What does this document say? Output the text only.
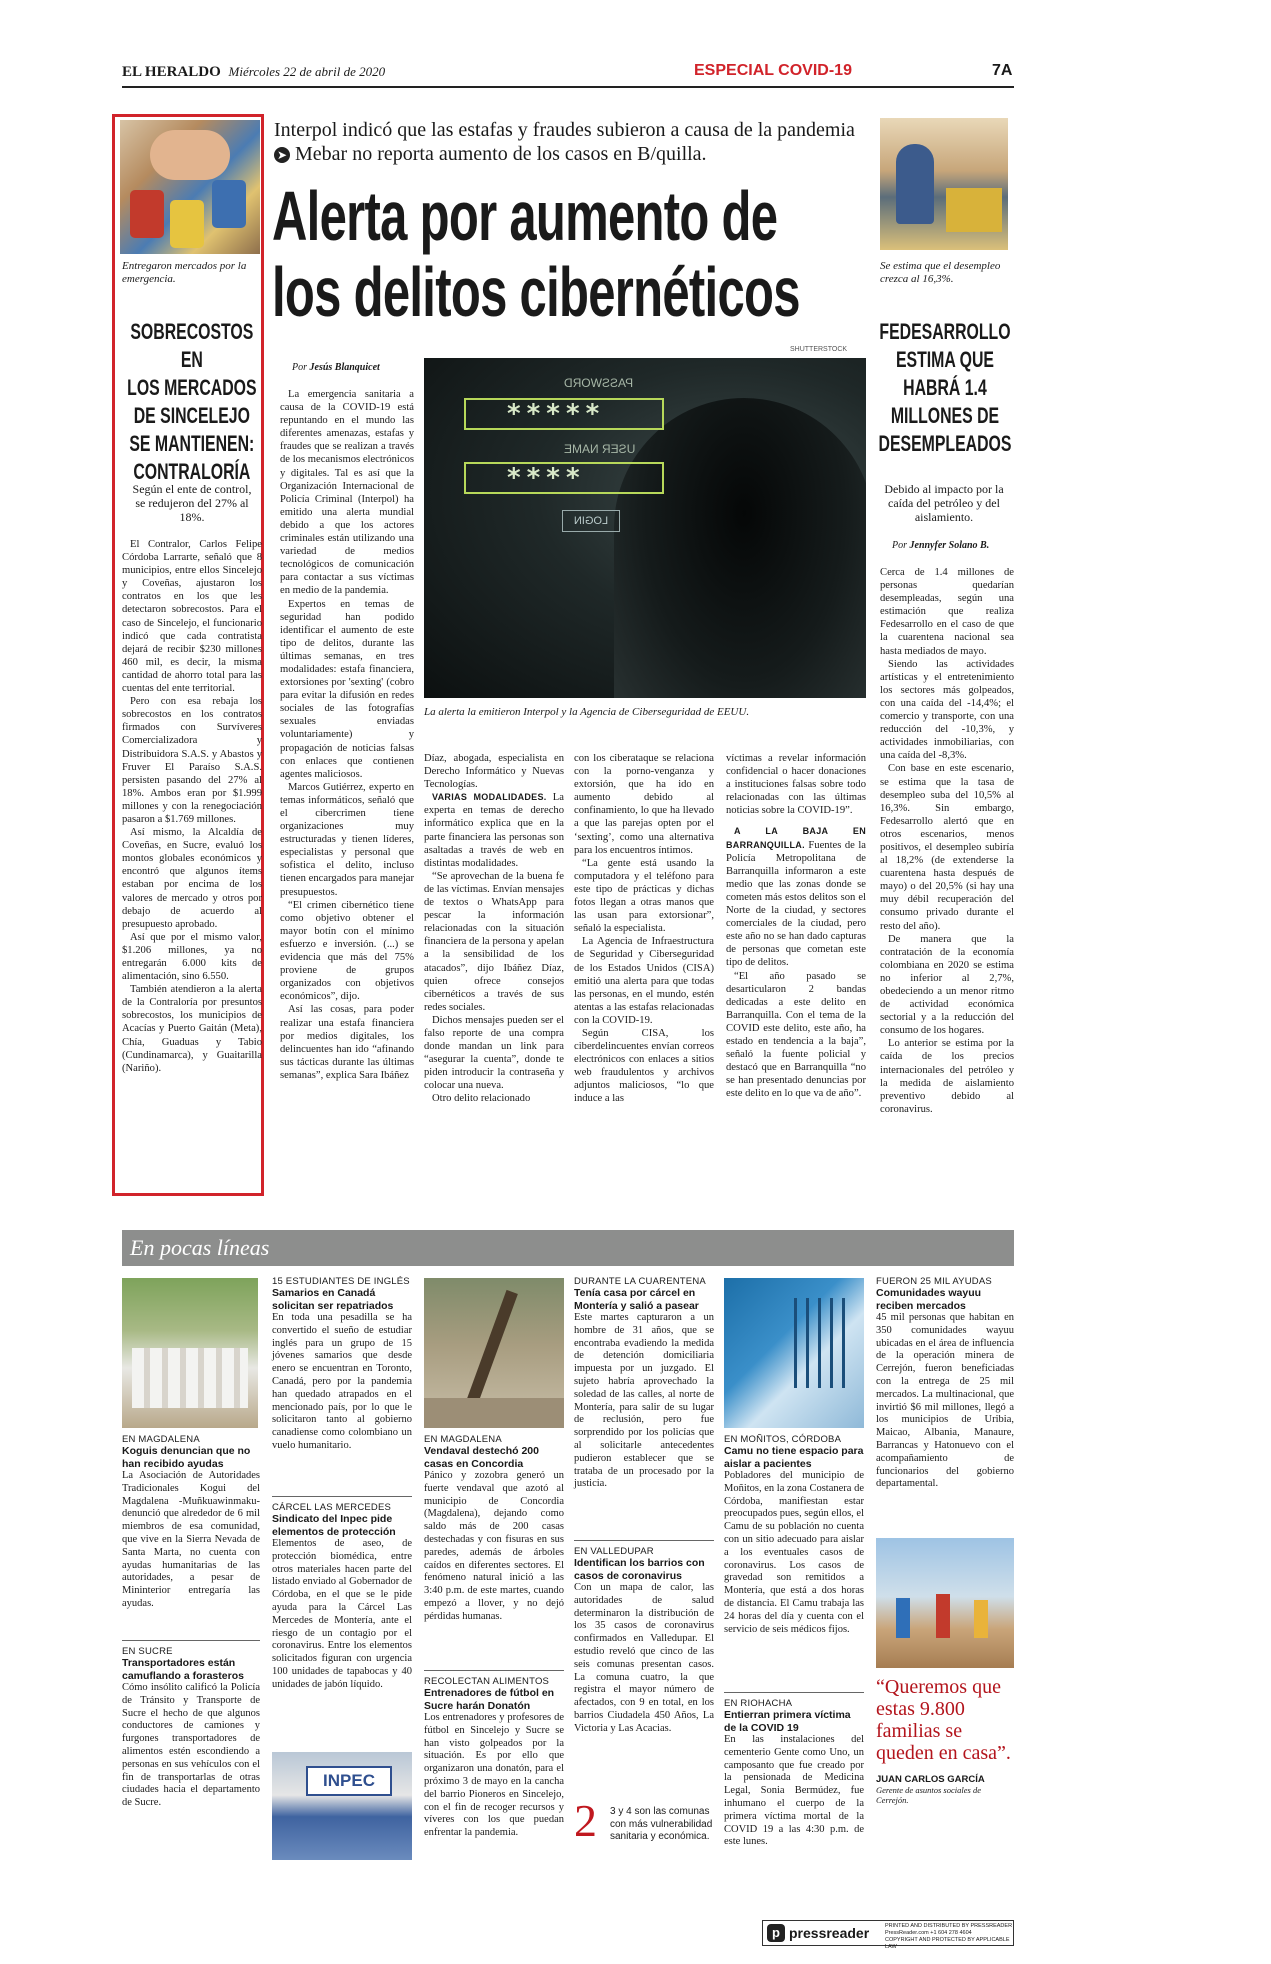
EL HERALDO Miércoles 22 de abril de 2020	ESPECIAL COVID-19	7A
Entregaron mercados por la emergencia.
SOBRECOSTOS EN
LOS MERCADOS
DE SINCELEJO
SE MANTIENEN:
CONTRALORÍA
Según el ente de control, se redujeron del 27% al 18%.

El Contralor, Carlos Felipe Córdoba Larrarte, señaló que 8 municipios, entre ellos Sincelejo y Coveñas, ajustaron los contratos en los que les detectaron sobrecostos. Para el caso de Sincelejo, el funcionario indicó que cada contratista dejará de recibir $230 millones 460 mil, es decir, la misma cantidad de ahorro total para las cuentas del ente territorial.

Pero con esa rebaja los sobrecostos en los contratos firmados con Survíveres Comercializadora y Distribuidora S.A.S. y Abastos y Fruver El Paraíso S.A.S. persisten pasando del 27% al 18%. Ambos eran por $1.999 millones y con la renegociación pasaron a $1.769 millones.

Así mismo, la Alcaldía de Coveñas, en Sucre, evaluó los montos globales económicos y encontró que algunos ítems estaban por encima de los valores de mercado y otros por debajo de acuerdo al presupuesto aprobado.

Así que por el mismo valor, $1.206 millones, ya no entregarán 6.000 kits de alimentación, sino 6.550.

También atendieron a la alerta de la Contraloría por presuntos sobrecostos, los municipios de Acacías y Puerto Gaitán (Meta), Chía, Guaduas y Tabio (Cundinamarca), y Guaitarilla (Nariño).

Interpol indicó que las estafas y fraudes subieron a causa de la pandemia ➤ Mebar no reporta aumento de los casos en B/quilla.
Alerta por aumento de
los delitos cibernéticos
SHUTTERSTOCK
Por Jesús Blanquicet
PASSWORD
*****
USER NAME
****
LOGIN
La alerta la emitieron Interpol y la Agencia de Ciberseguridad de EEUU.

La emergencia sanitaria a causa de la COVID-19 está repuntando en el mundo las diferentes amenazas, estafas y fraudes que se realizan a través de los mecanismos electrónicos y digitales. Tal es así que la Organización Internacional de Policía Criminal (Interpol) ha emitido una alerta mundial debido a que los actores criminales están utilizando una variedad de medios tecnológicos de comunicación para contactar a sus víctimas en medio de la pandemia.

Expertos en temas de seguridad han podido identificar el aumento de este tipo de delitos, durante las últimas semanas, en tres modalidades: estafa financiera, extorsiones por 'sexting' (cobro para evitar la difusión en redes sociales de las fotografías sexuales enviadas voluntariamente) y propagación de noticias falsas con enlaces que contienen agentes maliciosos.

Marcos Gutiérrez, experto en temas informáticos, señaló que el cibercrimen tiene organizaciones muy estructuradas y tienen líderes, especialistas y personal que sofistica el delito, incluso tienen encargados para manejar presupuestos.

“El crimen cibernético tiene como objetivo obtener el mayor botín con el mínimo esfuerzo e inversión. (...) se evidencia que más del 75% proviene de grupos organizados con objetivos económicos”, dijo.

Así las cosas, para poder realizar una estafa financiera por medios digitales, los delincuentes han ido “afinando sus tácticas durante las últimas semanas”, explica Sara Ibáñez

Díaz, abogada, especialista en Derecho Informático y Nuevas Tecnologías.

VARIAS MODALIDADES. La experta en temas de derecho informático explica que en la parte financiera las personas son asaltadas a través de web en distintas modalidades.

“Se aprovechan de la buena fe de las víctimas. Envían mensajes de textos o WhatsApp para pescar la información relacionadas con la situación financiera de la persona y apelan a la sensibilidad de los atacados”, dijo Ibáñez Díaz, quien ofrece consejos cibernéticos a través de sus redes sociales.

Dichos mensajes pueden ser el falso reporte de una compra donde mandan un link para “asegurar la cuenta”, donde te piden introducir la contraseña y colocar una nueva.

Otro delito relacionado

con los ciberataque se relaciona con la porno-venganza y extorsión, que ha ido en aumento debido al confinamiento, lo que ha llevado a que las parejas opten por el ‘sexting’, como una alternativa para los encuentros íntimos.

“La gente está usando la computadora y el teléfono para este tipo de prácticas y dichas fotos llegan a otras manos que las usan para extorsionar”, señaló la especialista.

La Agencia de Infraestructura de Seguridad y Ciberseguridad de los Estados Unidos (CISA) emitió una alerta para que todas las personas, en el mundo, estén atentas a las estafas relacionadas con la COVID-19.

Según CISA, los ciberdelincuentes envían correos electrónicos con enlaces a sitios web fraudulentos y archivos adjuntos maliciosos, “lo que induce a las

víctimas a revelar información confidencial o hacer donaciones a instituciones falsas sobre todo relacionadas con las últimas noticias sobre la COVID-19”.

A LA BAJA EN BARRANQUILLA. Fuentes de la Policía Metropolitana de Barranquilla informaron a este medio que las zonas donde se cometen más estos delitos son el Norte de la ciudad, y sectores comerciales de la ciudad, pero este año no se han dado capturas de personas que cometan este tipo de delitos.

“El año pasado se desarticularon 2 bandas dedicadas a este delito en Barranquilla. Con el tema de la COVID este delito, este año, ha estado en tendencia a la baja”, señaló la fuente policial y destacó que en Barranquilla “no se han presentado denuncias por este delito en lo que va de año”.

Se estima que el desempleo crezca al 16,3%.
FEDESARROLLO
ESTIMA QUE
HABRÁ 1.4
MILLONES DE
DESEMPLEADOS
Debido al impacto por la caída del petróleo y del aislamiento.
Por Jennyfer Solano B.

Cerca de 1.4 millones de personas quedarían desempleadas, según una estimación que realiza Fedesarrollo en el caso de que la cuarentena nacional sea hasta mediados de mayo.

Siendo las actividades artísticas y el entretenimiento los sectores más golpeados, con una caída del -14,4%; el comercio y transporte, con una reducción del -10,3%, y actividades inmobiliarias, con una caída del -8,3%.

Con base en este escenario, se estima que la tasa de desempleo suba del 10,5% al 16,3%. Sin embargo, Fedesarrollo alertó que en otros escenarios, menos positivos, el desempleo subiría al 18,2% (de extenderse la cuarentena hasta después de mayo) o del 20,5% (si hay una muy débil recuperación del consumo privado durante el resto del año).

De manera que la contratación de la economía colombiana en 2020 se estima no inferior al 2,7%, obedeciendo a un menor ritmo de actividad económica sectorial y a la reducción del consumo de los hogares.

Lo anterior se estima por la caída de los precios internacionales del petróleo y la medida de aislamiento preventivo debido al coronavirus.

En pocas líneas
EN MAGDALENA
Koguis denuncian que no han recibido ayudas
La Asociación de Autoridades Tradicionales Kogui del Magdalena -Muñkuawinmaku- denunció que alrededor de 6 mil miembros de esa comunidad, que vive en la Sierra Nevada de Santa Marta, no cuenta con ayudas humanitarias de las autoridades, a pesar de Mininterior entregaría las ayudas.
EN SUCRE
Transportadores están camuflando a forasteros
Cómo insólito calificó la Policía de Tránsito y Transporte de Sucre el hecho de que algunos conductores de camiones y furgones transportadores de alimentos estén escondiendo a personas en sus vehículos con el fin de transportarlas de otras ciudades hacia el departamento de Sucre.
15 ESTUDIANTES DE INGLÉS
Samarios en Canadá solicitan ser repatriados
En toda una pesadilla se ha convertido el sueño de estudiar inglés para un grupo de 15 jóvenes samarios que desde enero se encuentran en Toronto, Canadá, pero por la pandemia han quedado atrapados en el mencionado país, por lo que le solicitaron tanto al gobierno canadiense como colombiano un vuelo humanitario.
CÁRCEL LAS MERCEDES
Sindicato del Inpec pide elementos de protección
Elementos de aseo, de protección biomédica, entre otros materiales hacen parte del listado enviado al Gobernador de Córdoba, en el que se le pide ayuda para la Cárcel Las Mercedes de Montería, ante el riesgo de un contagio por el coronavirus. Entre los elementos solicitados figuran con urgencia 100 unidades de tapabocas y 40 unidades de jabón líquido.
INPEC
EN MAGDALENA
Vendaval destechó 200 casas en Concordia
Pánico y zozobra generó un fuerte vendaval que azotó al municipio de Concordia (Magdalena), dejando como saldo más de 200 casas destechadas y con fisuras en sus paredes, además de árboles caídos en diferentes sectores. El fenómeno natural inició a las 3:40 p.m. de este martes, cuando empezó a llover, y no dejó pérdidas humanas.
RECOLECTAN ALIMENTOS
Entrenadores de fútbol en Sucre harán Donatón
Los entrenadores y profesores de fútbol en Sincelejo y Sucre se han visto golpeados por la situación. Es por ello que organizaron una donatón, para el próximo 3 de mayo en la cancha del barrio Pioneros en Sincelejo, con el fin de recoger recursos y víveres con los que puedan enfrentar la pandemia.
DURANTE LA CUARENTENA
Tenía casa por cárcel en Montería y salió a pasear
Este martes capturaron a un hombre de 31 años, que se encontraba evadiendo la medida de detención domiciliaria impuesta por un juzgado. El sujeto habría aprovechado la soledad de las calles, al norte de Montería, para salir de su lugar de reclusión, pero fue sorprendido por los policías que al solicitarle antecedentes pudieron establecer que se trataba de un procesado por la justicia.
EN VALLEDUPAR
Identifican los barrios con casos de coronavirus
Con un mapa de calor, las autoridades de salud determinaron la distribución de los 35 casos de coronavirus confirmados en Valledupar. El estudio reveló que cinco de las seis comunas presentan casos. La comuna cuatro, la que registra el mayor número de afectados, con 9 en total, en los barrios Ciudadela 450 Años, La Victoria y Las Acacias.
2 3 y 4 son las comunas con más vulnerabilidad sanitaria y económica.
EN MOÑITOS, CÓRDOBA
Camu no tiene espacio para aislar a pacientes
Pobladores del municipio de Moñitos, en la zona Costanera de Córdoba, manifiestan estar preocupados pues, según ellos, el Camu de su población no cuenta con un sitio adecuado para aislar a los eventuales casos de coronavirus. Los casos de gravedad son remitidos a Montería, que está a dos horas de distancia. El Camu trabaja las 24 horas del día y cuenta con el servicio de seis médicos fijos.
EN RIOHACHA
Entierran primera víctima de la COVID 19
En las instalaciones del cementerio Gente como Uno, un camposanto que fue creado por la pensionada de Medicina Legal, Sonia Bermúdez, fue inhumano el cuerpo de la primera víctima mortal de la COVID 19 a las 4:30 p.m. de este lunes.
FUERON 25 MIL AYUDAS
Comunidades wayuu reciben mercados
45 mil personas que habitan en 350 comunidades wayuu ubicadas en el área de influencia de la operación minera de Cerrejón, fueron beneficiadas con la entrega de 25 mil mercados. La multinacional, que invirtió $6 mil millones, llegó a los municipios de Uribia, Maicao, Albania, Manaure, Barrancas y Hatonuevo con el acompañamiento de funcionarios del gobierno departamental.
“Queremos que estas 9.800 familias se queden en casa”.
JUAN CARLOS GARCÍA
Gerente de asuntos sociales de Cerrejón.
p pressreader	PRINTED AND DISTRIBUTED BY PRESSREADER
PressReader.com +1 604 278 4604
COPYRIGHT AND PROTECTED BY APPLICABLE LAW
